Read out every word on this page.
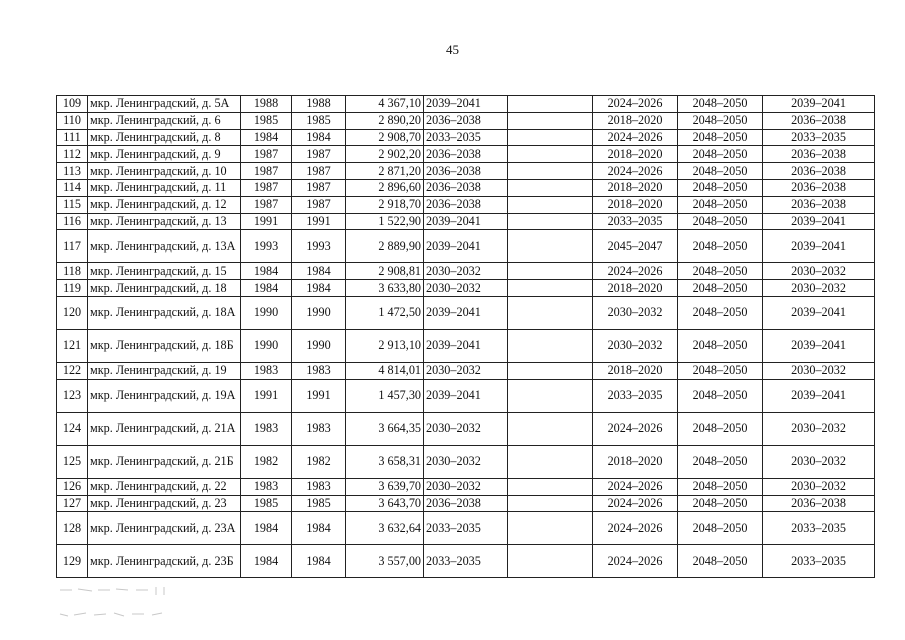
45
109	мкр. Ленинградский, д. 5А	1988	1988	4 367,10	2039–2041		2024–2026	2048–2050	2039–2041
110	мкр. Ленинградский, д. 6	1985	1985	2 890,20	2036–2038		2018–2020	2048–2050	2036–2038
111	мкр. Ленинградский, д. 8	1984	1984	2 908,70	2033–2035		2024–2026	2048–2050	2033–2035
112	мкр. Ленинградский, д. 9	1987	1987	2 902,20	2036–2038		2018–2020	2048–2050	2036–2038
113	мкр. Ленинградский, д. 10	1987	1987	2 871,20	2036–2038		2024–2026	2048–2050	2036–2038
114	мкр. Ленинградский, д. 11	1987	1987	2 896,60	2036–2038		2018–2020	2048–2050	2036–2038
115	мкр. Ленинградский, д. 12	1987	1987	2 918,70	2036–2038		2018–2020	2048–2050	2036–2038
116	мкр. Ленинградский, д. 13	1991	1991	1 522,90	2039–2041		2033–2035	2048–2050	2039–2041
117	мкр. Ленинградский, д. 13А	1993	1993	2 889,90	2039–2041		2045–2047	2048–2050	2039–2041
118	мкр. Ленинградский, д. 15	1984	1984	2 908,81	2030–2032		2024–2026	2048–2050	2030–2032
119	мкр. Ленинградский, д. 18	1984	1984	3 633,80	2030–2032		2018–2020	2048–2050	2030–2032
120	мкр. Ленинградский, д. 18А	1990	1990	1 472,50	2039–2041		2030–2032	2048–2050	2039–2041
121	мкр. Ленинградский, д. 18Б	1990	1990	2 913,10	2039–2041		2030–2032	2048–2050	2039–2041
122	мкр. Ленинградский, д. 19	1983	1983	4 814,01	2030–2032		2018–2020	2048–2050	2030–2032
123	мкр. Ленинградский, д. 19А	1991	1991	1 457,30	2039–2041		2033–2035	2048–2050	2039–2041
124	мкр. Ленинградский, д. 21А	1983	1983	3 664,35	2030–2032		2024–2026	2048–2050	2030–2032
125	мкр. Ленинградский, д. 21Б	1982	1982	3 658,31	2030–2032		2018–2020	2048–2050	2030–2032
126	мкр. Ленинградский, д. 22	1983	1983	3 639,70	2030–2032		2024–2026	2048–2050	2030–2032
127	мкр. Ленинградский, д. 23	1985	1985	3 643,70	2036–2038		2024–2026	2048–2050	2036–2038
128	мкр. Ленинградский, д. 23А	1984	1984	3 632,64	2033–2035		2024–2026	2048–2050	2033–2035
129	мкр. Ленинградский, д. 23Б	1984	1984	3 557,00	2033–2035		2024–2026	2048–2050	2033–2035
